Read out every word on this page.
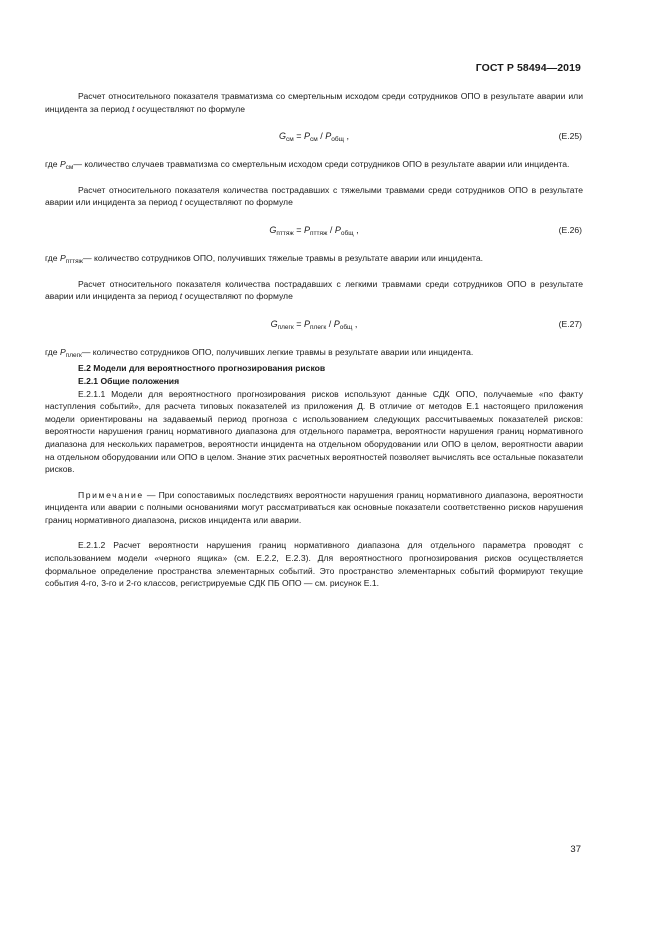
ГОСТ Р 58494—2019

Расчет относительного показателя травматизма со смертельным исходом среди сотрудников ОПО в результате аварии или инцидента за период t осуществляют по формуле

$G_{см} = P_{см} / P_{общ}$ ,	(Е.25)
где $P_{см}$ — количество случаев травматизма со смертельным исходом среди сотрудников ОПО в результате аварии или инцидента.

Расчет относительного показателя количества пострадавших с тяжелыми травмами среди сотрудников ОПО в результате аварии или инцидента за период t осуществляют по формуле

$G_{пттяж} = P_{пттяж} / P_{общ}$ ,	(Е.26)
где $P_{пттяж}$ — количество сотрудников ОПО, получивших тяжелые травмы в результате аварии или инцидента.

Расчет относительного показателя количества пострадавших с легкими травмами среди сотрудников ОПО в результате аварии или инцидента за период t осуществляют по формуле

$G_{плегк} = P_{плегк} / P_{общ}$ ,	(Е.27)
где $P_{плегк}$ — количество сотрудников ОПО, получивших легкие травмы в результате аварии или инцидента.

Е.2 Модели для вероятностного прогнозирования рисков

Е.2.1 Общие положения

Е.2.1.1 Модели для вероятностного прогнозирования рисков используют данные СДК ОПО, получаемые «по факту наступления событий», для расчета типовых показателей из приложения Д. В отличие от методов Е.1 настоящего приложения модели ориентированы на задаваемый период прогноза с использованием следующих рассчитываемых показателей рисков: вероятности нарушения границ нормативного диапазона для отдельного параметра, вероятности нарушения границ нормативного диапазона для нескольких параметров, вероятности инцидента на отдельном оборудовании или ОПО в целом, вероятности аварии на отдельном оборудовании или ОПО в целом. Знание этих расчетных вероятностей позволяет вычислять все остальные показатели рисков.

Примечание — При сопоставимых последствиях вероятности нарушения границ нормативного диапазона, вероятности инцидента или аварии с полными основаниями могут рассматриваться как основные показатели соответственно рисков нарушения границ нормативного диапазона, рисков инцидента или аварии.

Е.2.1.2 Расчет вероятности нарушения границ нормативного диапазона для отдельного параметра проводят с использованием модели «черного ящика» (см. Е.2.2, Е.2.3). Для вероятностного прогнозирования рисков осуществляется формальное определение пространства элементарных событий. Это пространство элементарных событий формируют текущие события 4-го, 3-го и 2-го классов, регистрируемые СДК ПБ ОПО — см. рисунок Е.1.

37
